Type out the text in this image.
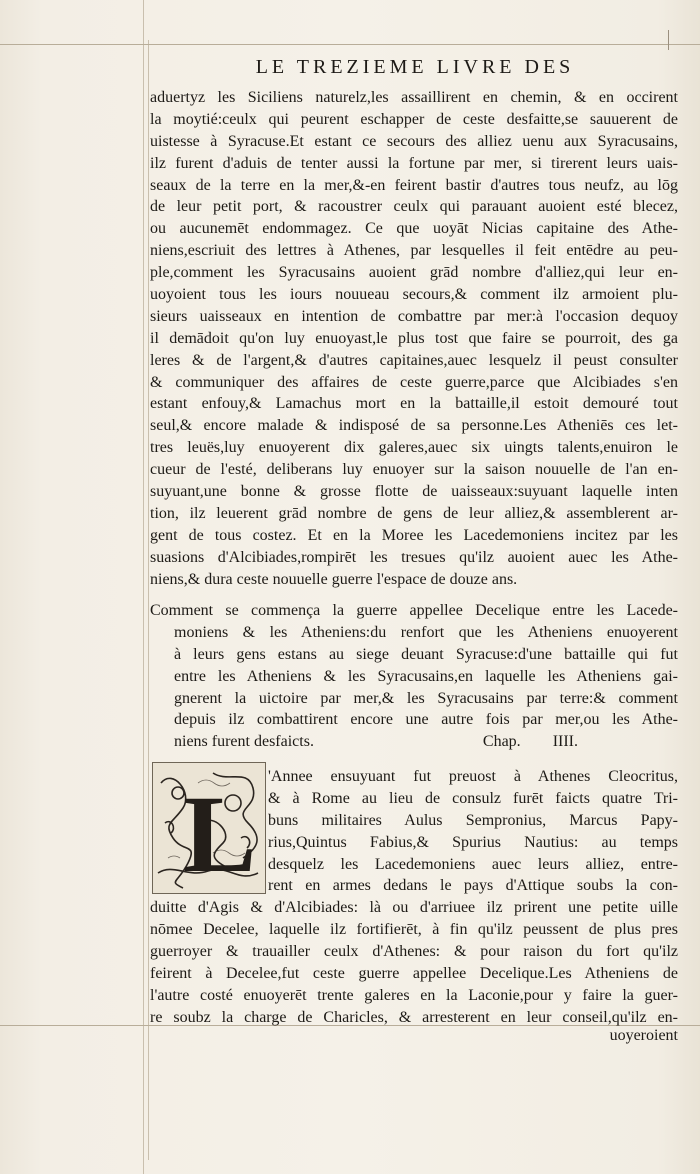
LE TREZIEME LIVRE DES
aduertyz les Siciliens naturelz,les assaillirent en chemin, & en occirent
la moytié:ceulx qui peurent eschapper de ceste desfaitte,se sauuerent de
uistesse à Syracuse.Et estant ce secours des alliez uenu aux Syracusains,
ilz furent d'aduis de tenter aussi la fortune par mer, si tirerent leurs uais-
seaux de la terre en la mer,&-en feirent bastir d'autres tous neufz, au lōg
de leur petit port, & racoustrer ceulx qui parauant auoient esté blecez,
ou aucunemēt endommagez. Ce que uoyāt Nicias capitaine des Athe-
niens,escriuit des lettres à Athenes, par lesquelles il feit entēdre au peu-
ple,comment les Syracusains auoient grād nombre d'alliez,qui leur en-
uoyoient tous les iours nouueau secours,& comment ilz armoient plu-
sieurs uaisseaux en intention de combattre par mer:à l'occasion dequoy
il demādoit qu'on luy enuoyast,le plus tost que faire se pourroit, des ga
leres & de l'argent,& d'autres capitaines,auec lesquelz il peust consulter
& communiquer des affaires de ceste guerre,parce que Alcibiades s'en
estant enfouy,& Lamachus mort en la battaille,il estoit demouré tout
seul,& encore malade & indisposé de sa personne.Les Atheniēs ces let-
tres leuës,luy enuoyerent dix galeres,auec six uingts talents,enuiron le
cueur de l'esté, deliberans luy enuoyer sur la saison nouuelle de l'an en-
suyuant,une bonne & grosse flotte de uaisseaux:suyuant laquelle inten
tion, ilz leuerent grād nombre de gens de leur alliez,& assemblerent ar-
gent de tous costez. Et en la Moree les Lacedemoniens incitez par les
suasions d'Alcibiades,rompirēt les tresues qu'ilz auoient auec les Athe-
niens,& dura ceste nouuelle guerre l'espace de douze ans.
Comment se commença la guerre appellee Decelique entre les Lacede-
moniens & les Atheniens:du renfort que les Atheniens enuoyerent
à leurs gens estans au siege deuant Syracuse:d'une battaille qui fut
entre les Atheniens & les Syracusains,en laquelle les Atheniens gai-
gnerent la uictoire par mer,& les Syracusains par terre:& comment
depuis ilz combattirent encore une autre fois par mer,ou les Athe-
niens furent desfaicts.	Chap. IIII.
L 'Annee ensuyuant fut preuost à Athenes Cleocritus,
& à Rome au lieu de consulz furēt faicts quatre Tri-
buns militaires Aulus Sempronius, Marcus Papy-
rius,Quintus Fabius,& Spurius Nautius: au temps
desquelz les Lacedemoniens auec leurs alliez, entre-
rent en armes dedans le pays d'Attique soubs la con-
duitte d'Agis & d'Alcibiades: là ou d'arriuee ilz prirent une petite uille
nōmee Decelee, laquelle ilz fortifierēt, à fin qu'ilz peussent de plus pres
guerroyer & trauailler ceulx d'Athenes: & pour raison du fort qu'ilz
feirent à Decelee,fut ceste guerre appellee Decelique.Les Atheniens de
l'autre costé enuoyerēt trente galeres en la Laconie,pour y faire la guer-
re soubz la charge de Charicles, & arresterent en leur conseil,qu'ilz en-
uoyeroient
